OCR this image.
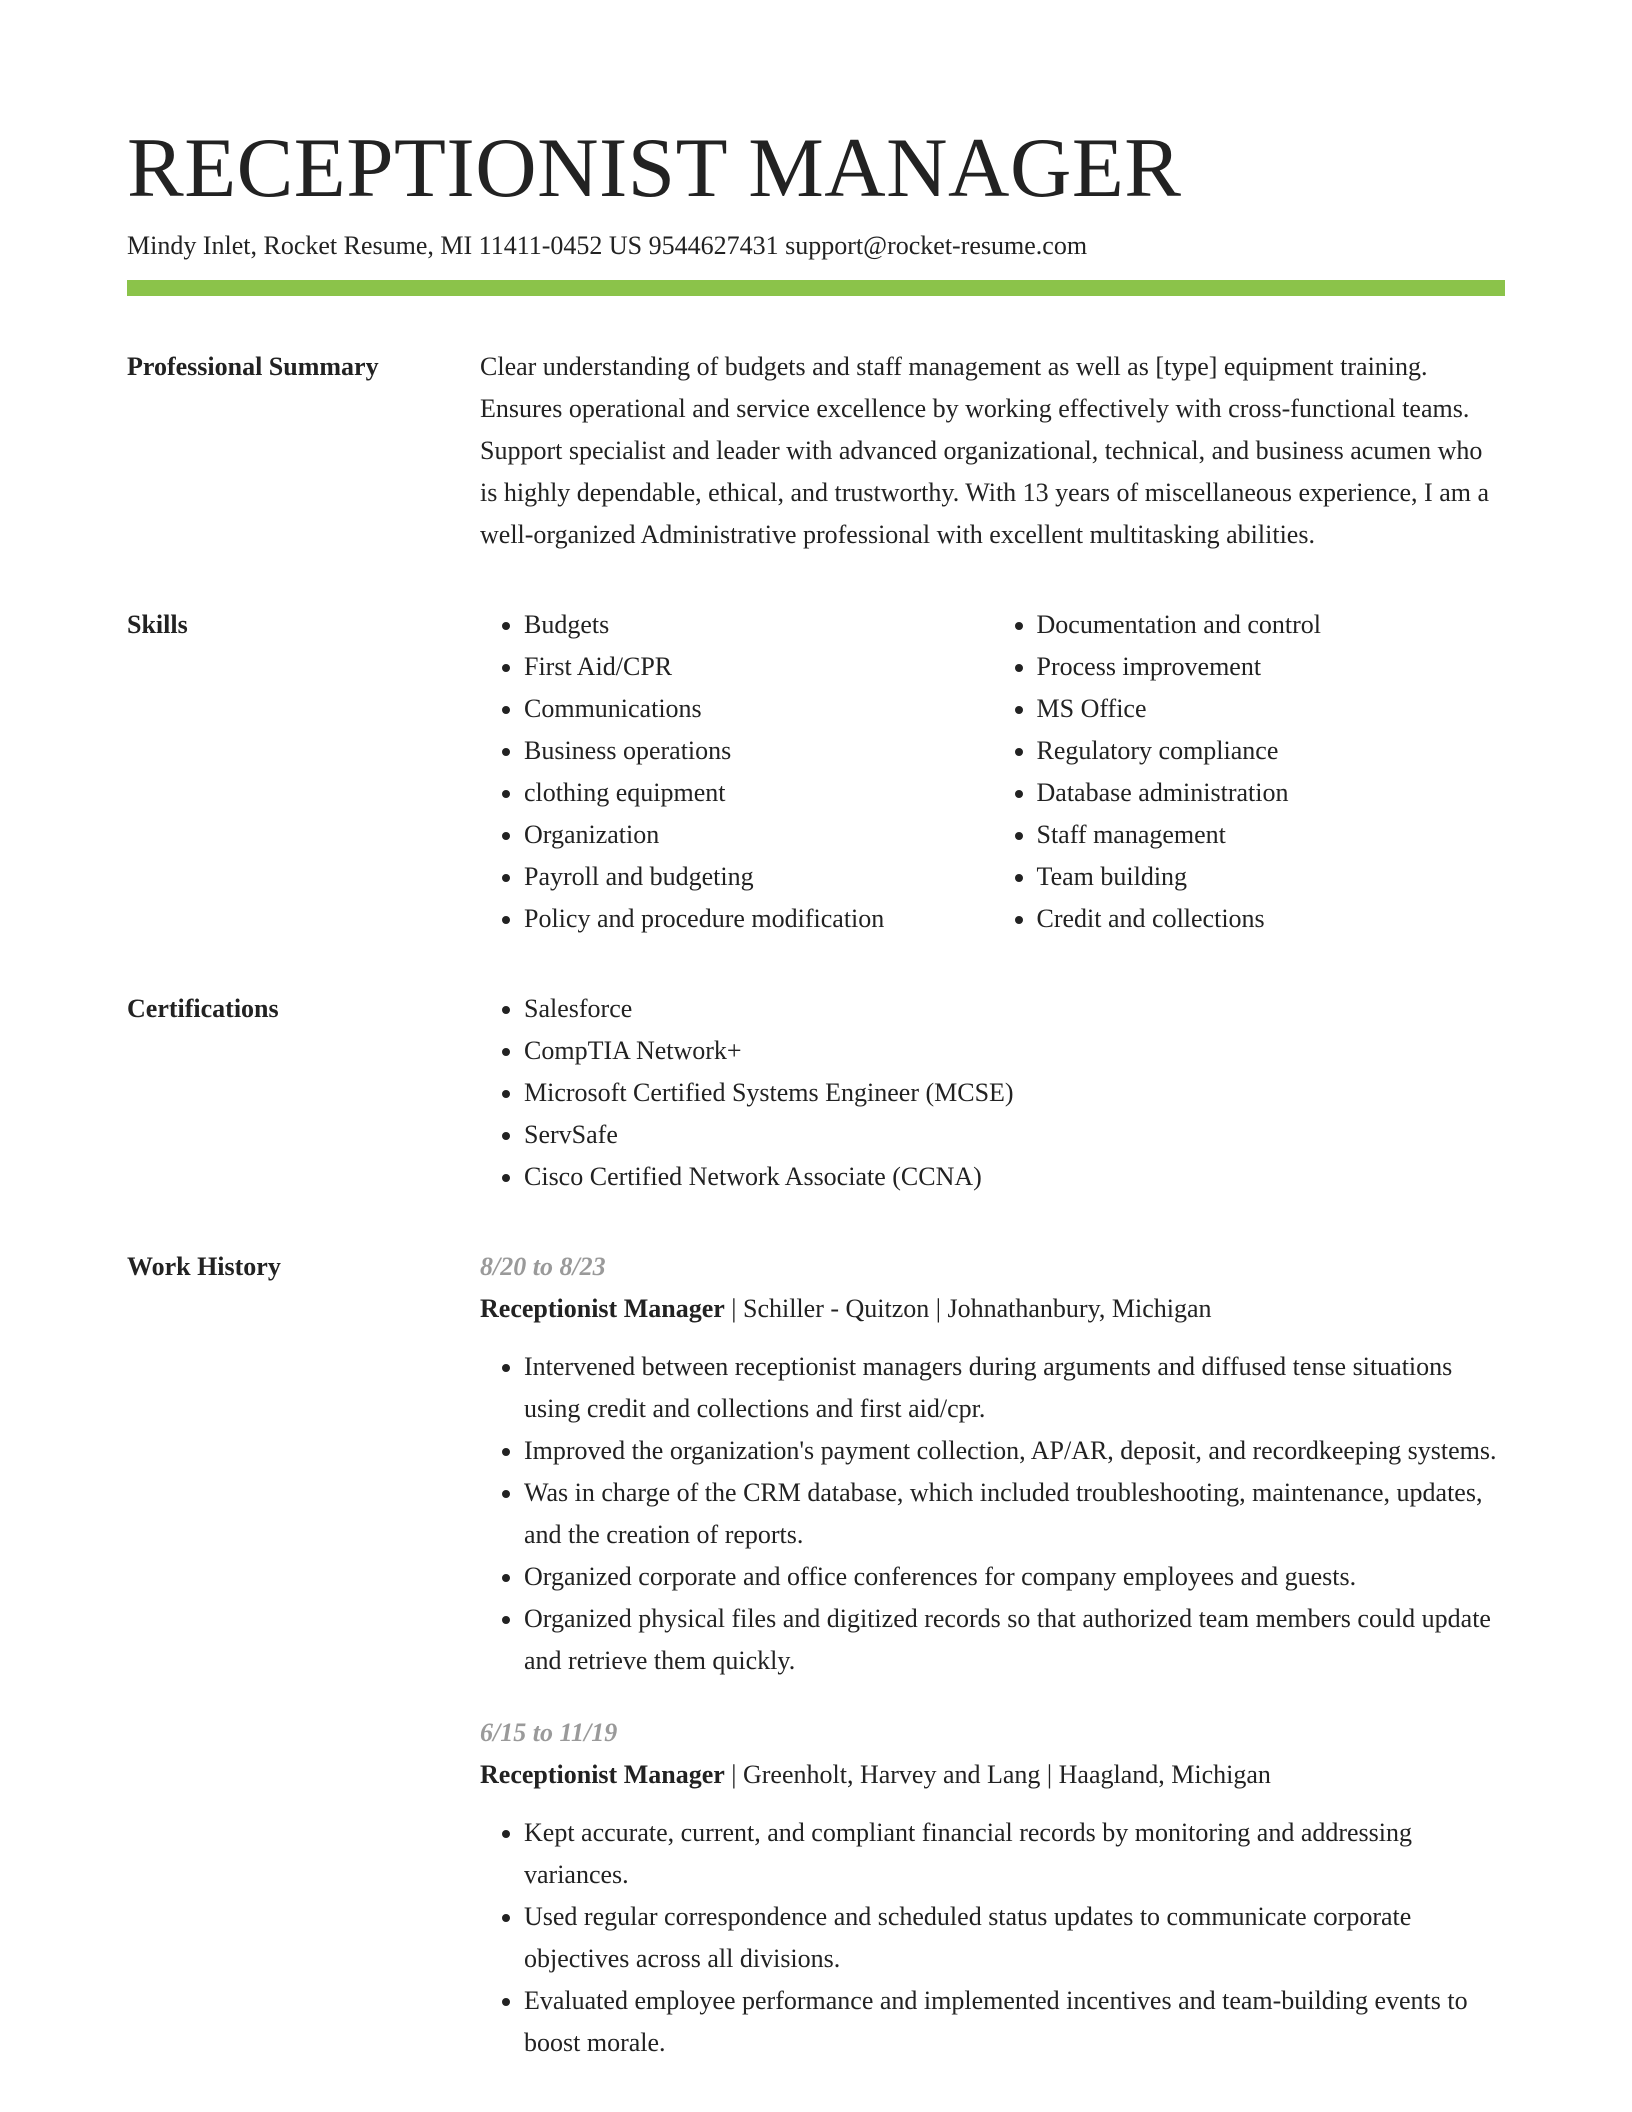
RECEPTIONIST MANAGER
Mindy Inlet, Rocket Resume, MI 11411-0452 US 9544627431 support@rocket-resume.com
Professional Summary	Clear understanding of budgets and staff management as well as [type] equipment training. Ensures operational and service excellence by working effectively with cross-functional teams. Support specialist and leader with advanced organizational, technical, and business acumen who is highly dependable, ethical, and trustworthy. With 13 years of miscellaneous experience, I am a well-organized Administrative professional with excellent multitasking abilities.

Skills	• Budgets
• First Aid/CPR
• Communications
• Business operations
• clothing equipment
• Organization
• Payroll and budgeting
• Policy and procedure modification
• Documentation and control
• Process improvement
• MS Office
• Regulatory compliance
• Database administration
• Staff management
• Team building
• Credit and collections
Certifications	• Salesforce
• CompTIA Network+
• Microsoft Certified Systems Engineer (MCSE)
• ServSafe
• Cisco Certified Network Associate (CCNA)
Work History	8/20 to 8/23
Receptionist Manager | Schiller - Quitzon | Johnathanbury, Michigan
• Intervened between receptionist managers during arguments and diffused tense situations using credit and collections and first aid/cpr.
• Improved the organization's payment collection, AP/AR, deposit, and recordkeeping systems.
• Was in charge of the CRM database, which included troubleshooting, maintenance, updates, and the creation of reports.
• Organized corporate and office conferences for company employees and guests.
• Organized physical files and digitized records so that authorized team members could update and retrieve them quickly.
6/15 to 11/19
Receptionist Manager | Greenholt, Harvey and Lang | Haagland, Michigan
• Kept accurate, current, and compliant financial records by monitoring and addressing variances.
• Used regular correspondence and scheduled status updates to communicate corporate objectives across all divisions.
• Evaluated employee performance and implemented incentives and team-building events to boost morale.
